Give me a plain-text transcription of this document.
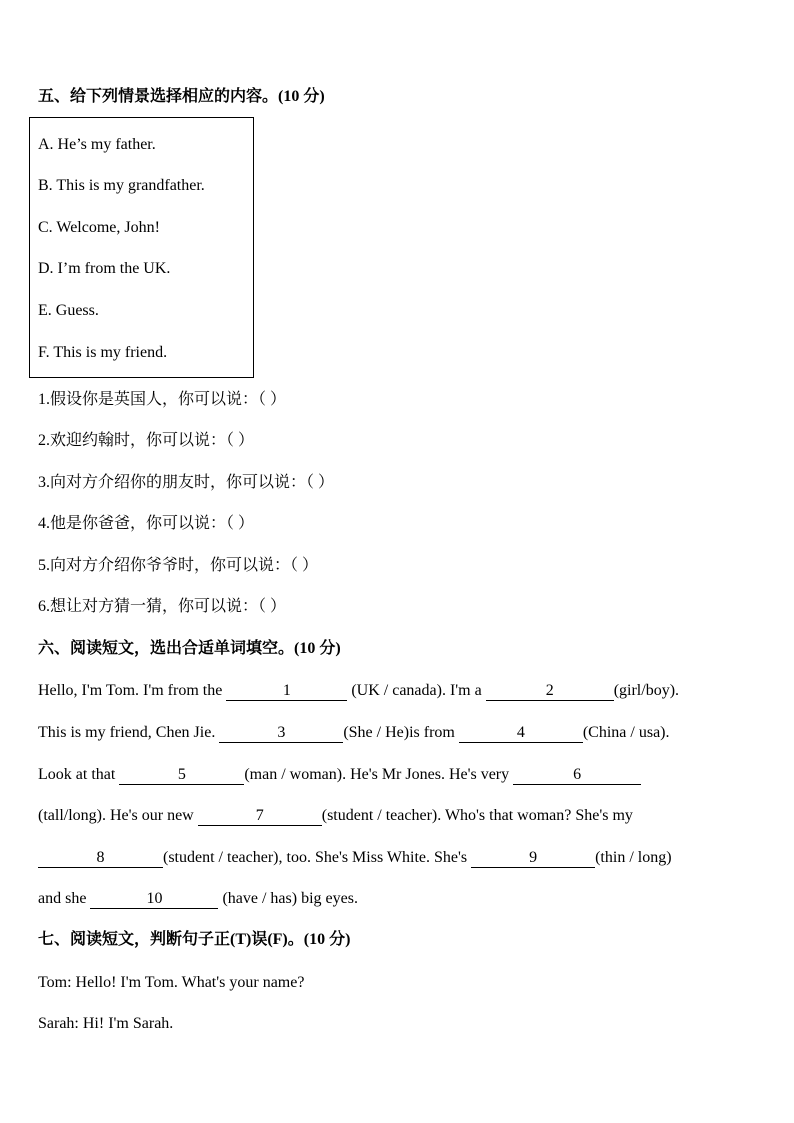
五、给下列情景选择相应的内容。(10 分)
A. He’s my father.
B. This is my grandfather.
C. Welcome, John!
D. I’m from the UK.
E. Guess.
F. This is my friend.
1.假设你是英国人，你可以说：（ ）
2.欢迎约翰时，你可以说：（ ）
3.向对方介绍你的朋友时，你可以说：（ ）
4.他是你爸爸，你可以说：（ ）
5.向对方介绍你爷爷时，你可以说：（ ）
6.想让对方猜一猜，你可以说：（ ）
六、阅读短文，选出合适单词填空。(10 分)
Hello, I'm Tom. I'm from the	1	(UK / canada). I'm a	2	(girl/boy).
This is my friend, Chen Jie.	3	(She / He)is from	4	(China / usa).
Look at that	5	(man / woman). He's Mr Jones. He's very	6
(tall/long). He's our new	7	(student / teacher). Who's that woman? She's my
8	(student / teacher), too. She's Miss White. She's	9	(thin / long)
and she	10	(have / has) big eyes.
七、阅读短文，判断句子正(T)误(F)。(10 分)
Tom: Hello! I'm Tom. What's your name?
Sarah: Hi! I'm Sarah.
